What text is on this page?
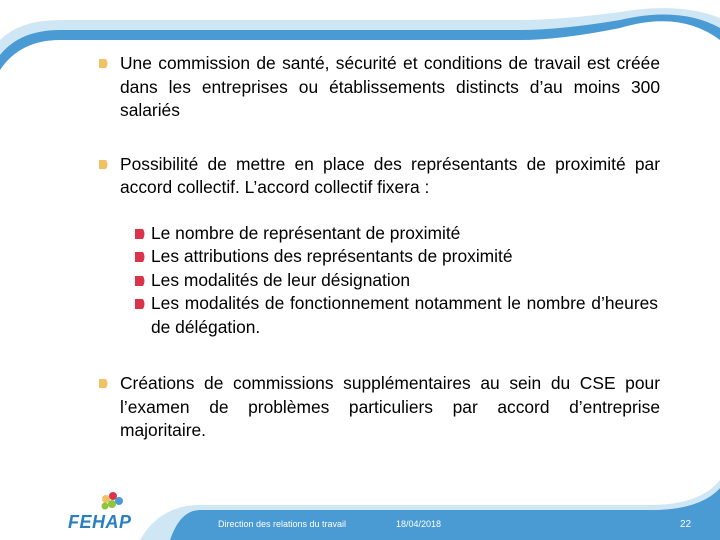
Une commission de santé, sécurité et conditions de travail est créée dans les entreprises ou établissements distincts d’au moins 300 salariés
Possibilité de mettre en place des représentants de proximité par accord collectif. L’accord collectif fixera :
Le nombre de représentant de proximité
Les attributions des représentants de proximité
Les modalités de leur désignation
Les modalités de fonctionnement notamment le nombre d’heures de délégation.
Créations de commissions supplémentaires au sein du CSE pour l’examen de problèmes particuliers par accord d’entreprise majoritaire.
FEHAP	Direction des relations du travail	18/04/2018	22
